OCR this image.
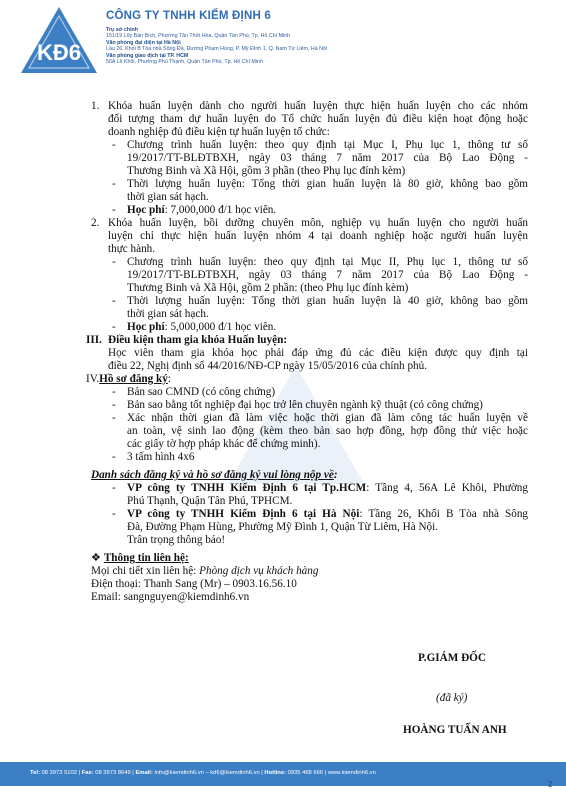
KĐ6
CÔNG TY TNHH KIỂM ĐỊNH 6
Trụ sở chính
151/19 Lũy Bán Bích, Phường Tân Thới Hòa, Quận Tân Phú, Tp. Hồ Chí Minh
Văn phòng đại diện tại Hà Nội
Lầu 26, Khối B Tòa nhà Sông Đà, Đường Phạm Hùng, P. Mỹ Đình 1, Q. Nam Từ Liêm, Hà Nội
Văn phòng giao dịch tại TP. HCM
56A Lê Khôi, Phường Phú Thạnh, Quận Tân Phú, Tp. Hồ Chí Minh
1. Khóa huấn luyện dành cho người huấn luyện thực hiện huấn luyện cho các nhóm
đối tượng tham dự huấn luyện do Tổ chức huấn luyện đủ điều kiện hoạt động hoặc
doanh nghiệp đủ điều kiện tự huấn luyện tổ chức:
- Chương trình huấn luyện: theo quy định tại Mục I, Phụ lục 1, thông tư số
19/2017/TT-BLĐTBXH, ngày 03 tháng 7 năm 2017 của Bộ Lao Động -
Thương Binh và Xã Hội, gồm 3 phần (theo Phụ lục đính kèm)
- Thời lượng huấn luyện: Tổng thời gian huấn luyện là 80 giờ, không bao gồm
thời gian sát hạch.
- Học phí: 7,000,000 đ/1 học viên.
2. Khóa huấn luyện, bồi dưỡng chuyên môn, nghiệp vụ huấn luyện cho người huấn
luyện chỉ thực hiện huấn luyện nhóm 4 tại doanh nghiệp hoặc người huấn luyện
thực hành.
- Chương trình huấn luyện: theo quy định tại Mục II, Phụ lục 1, thông tư số
19/2017/TT-BLĐTBXH, ngày 03 tháng 7 năm 2017 của Bộ Lao Động -
Thương Binh và Xã Hội, gồm 2 phần: (theo Phụ lục đính kèm)
- Thời lượng huấn luyện: Tổng thời gian huấn luyện là 40 giờ, không bao gồm
thời gian sát hạch.
- Học phí: 5,000,000 đ/1 học viên.
III. Điều kiện tham gia khóa Huấn luyện:
Học viên tham gia khóa học phải đáp ứng đủ các điều kiện được quy định tại
điều 22, Nghị định số 44/2016/NĐ-CP ngày 15/05/2016 của chính phủ.
IV.Hồ sơ đăng ký:
- Bản sao CMND (có công chứng)
- Bản sao bằng tốt nghiệp đại học trở lên chuyên ngành kỹ thuật (có công chứng)
- Xác nhận thời gian đã làm việc hoặc thời gian đã làm công tác huấn luyện về
an toàn, vệ sinh lao động (kèm theo bản sao hợp đồng, hợp đồng thử việc hoặc
các giấy tờ hợp pháp khác để chứng minh).
- 3 tấm hình 4x6
Danh sách đăng ký và hồ sơ đăng ký vui lòng nộp về:
- VP công ty TNHH Kiểm Định 6 tại Tp.HCM: Tầng 4, 56A Lê Khôi, Phường
Phú Thạnh, Quận Tân Phú, TPHCM.
- VP công ty TNHH Kiểm Định 6 tại Hà Nội: Tầng 26, Khối B Tòa nhà Sông
Đà, Đường Phạm Hùng, Phường Mỹ Đình 1, Quận Từ Liêm, Hà Nội.
Trân trọng thông báo!
❖ Thông tin liên hệ:
Mọi chi tiết xin liên hệ: Phòng dịch vụ khách hàng
Điện thoại: Thanh Sang (Mr) – 0903.16.56.10
Email: sangnguyen@kiemdinh6.vn
P.GIÁM ĐỐC
(đã ký)
HOÀNG TUẤN ANH
Tel: 08 3973 5102 | Fax: 08 3973 8649 | Email: info@kiemdinh6.vn – kd6@kiemdinh6.vn | Hotline: 0935 468 666 | www.kiemdinh6.vn
2
